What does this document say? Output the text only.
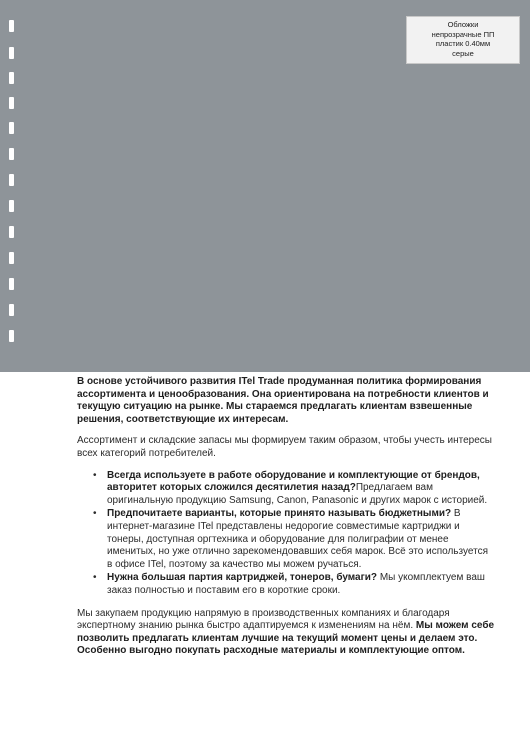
Обложки
непрозрачные ПП
пластик 0.40мм
серые

В основе устойчивого развития ITel Trade продуманная политика формирования ассортимента и ценообразования. Она ориентирована на потребности клиентов и текущую ситуацию на рынке. Мы стараемся предлагать клиентам взвешенные решения, соответствующие их интересам.

Ассортимент и складские запасы мы формируем таким образом, чтобы учесть интересы всех категорий потребителей.

• Всегда используете в работе оборудование и комплектующие от брендов, авторитет которых сложился десятилетия назад?Предлагаем вам оригинальную продукцию Samsung, Canon, Panasonic и других марок с историей.
• Предпочитаете варианты, которые принято называть бюджетными? В интернет-магазине ITel представлены недорогие совместимые картриджи и тонеры, доступная оргтехника и оборудование для полиграфии от менее именитых, но уже отлично зарекомендовавших себя марок. Всё это используется в офисе ITel, поэтому за качество мы можем ручаться.
• Нужна большая партия картриджей, тонеров, бумаги? Мы укомплектуем ваш заказ полностью и поставим его в короткие сроки.

Мы закупаем продукцию напрямую в производственных компаниях и благодаря экспертному знанию рынка быстро адаптируемся к изменениям на нём. Мы можем себе позволить предлагать клиентам лучшие на текущий момент цены и делаем это. Особенно выгодно покупать расходные материалы и комплектующие оптом.
